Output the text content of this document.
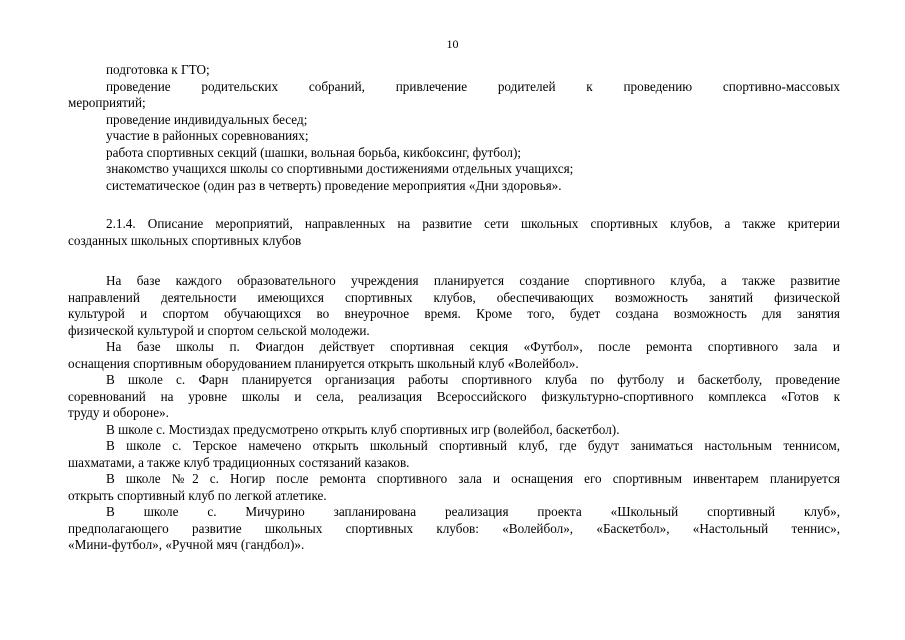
10
подготовка к ГТО;
проведение родительских собраний, привлечение родителей к проведению спортивно-массовых
мероприятий;
проведение индивидуальных бесед;
участие в районных соревнованиях;
работа спортивных секций (шашки, вольная борьба, кикбоксинг, футбол);
знакомство учащихся школы со спортивными достижениями отдельных учащихся;
систематическое (один раз в четверть) проведение мероприятия «Дни здоровья».
2.1.4. Описание мероприятий, направленных на развитие сети школьных спортивных клубов, а также критерии
созданных школьных спортивных клубов
На базе каждого образовательного учреждения планируется создание спортивного клуба, а также развитие
направлений деятельности имеющихся спортивных клубов, обеспечивающих возможность занятий физической
культурой и спортом обучающихся во внеурочное время. Кроме того, будет создана возможность для занятия
физической культурой и спортом сельской молодежи.
На базе школы п. Фиагдон действует спортивная секция «Футбол», после ремонта спортивного зала и
оснащения спортивным оборудованием планируется открыть школьный клуб «Волейбол».
В школе с. Фарн планируется организация работы спортивного клуба по футболу и баскетболу, проведение
соревнований на уровне школы и села, реализация Всероссийского физкультурно-спортивного комплекса «Готов к
труду и обороне».
В школе с. Мостиздах предусмотрено открыть клуб спортивных игр (волейбол, баскетбол).
В школе с. Терское намечено открыть школьный спортивный клуб, где будут заниматься настольным теннисом,
шахматами, а также клуб традиционных состязаний казаков.
В школе №2 с. Ногир после ремонта спортивного зала и оснащения его спортивным инвентарем планируется
открыть спортивный клуб по легкой атлетике.
В школе с. Мичурино запланирована реализация проекта «Школьный спортивный клуб»,
предполагающего развитие школьных спортивных клубов: «Волейбол», «Баскетбол», «Настольный теннис»,
«Мини-футбол», «Ручной мяч (гандбол)».
